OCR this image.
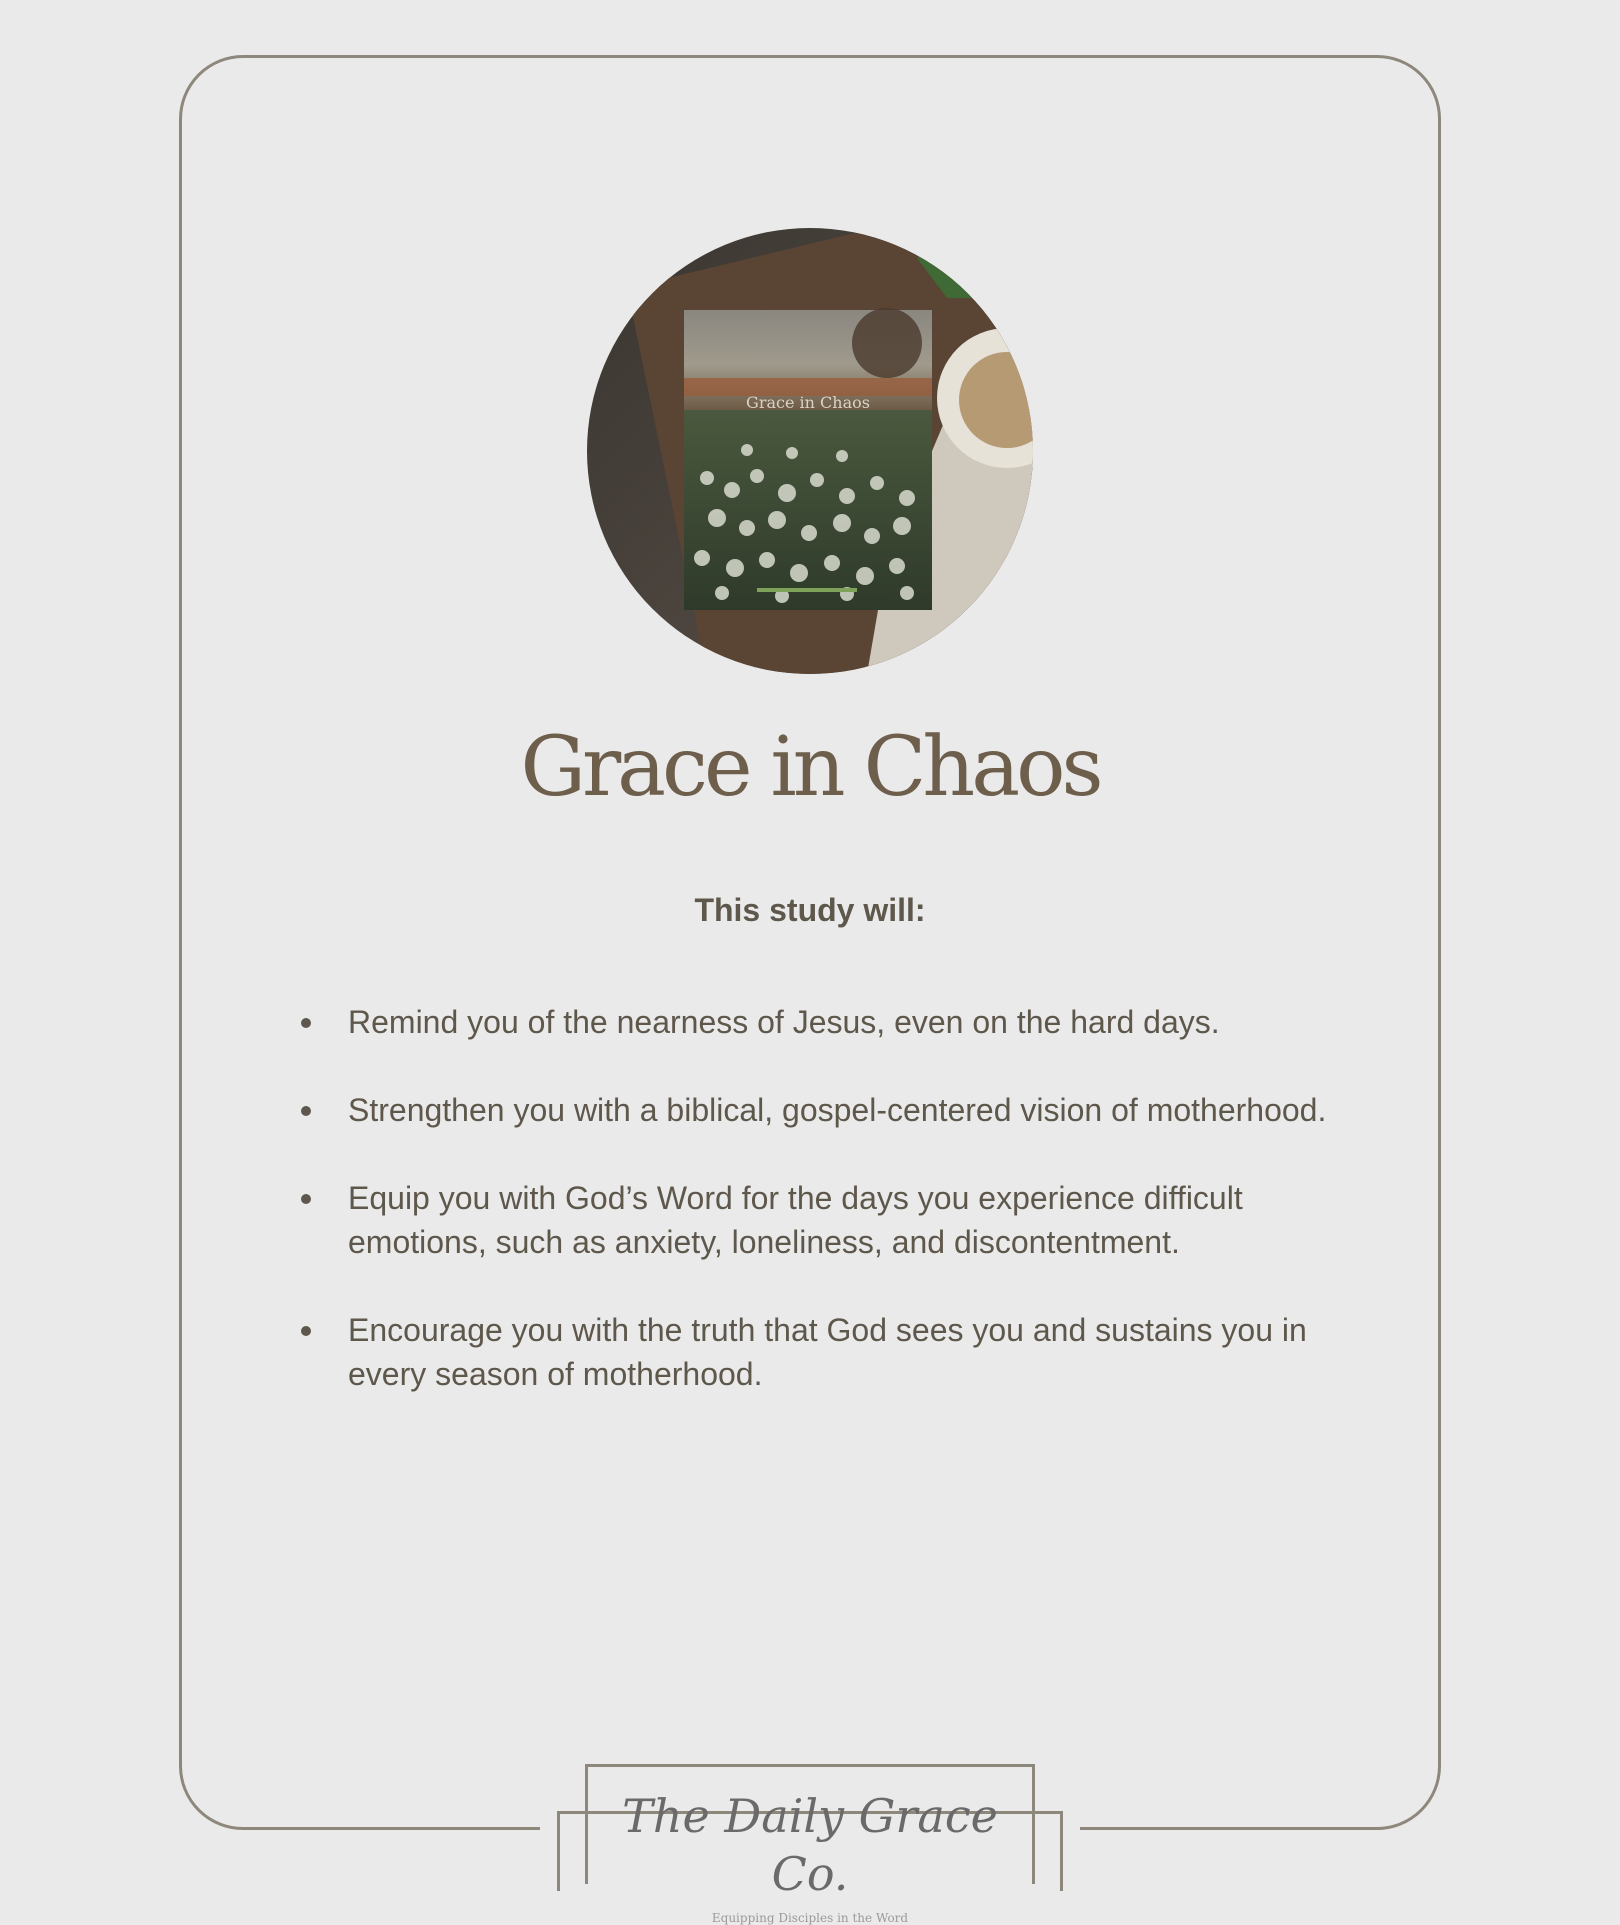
Grace in Chaos
Grace in Chaos
This study will:
Remind you of the nearness of Jesus, even on the hard days.
Strengthen you with a biblical, gospel-centered vision of motherhood.
Equip you with God’s Word for the days you experience difficult emotions, such as anxiety, loneliness, and discontentment.
Encourage you with the truth that God sees you and sustains you in every season of motherhood.
The Daily Grace Co.
Equipping Disciples in the Word
